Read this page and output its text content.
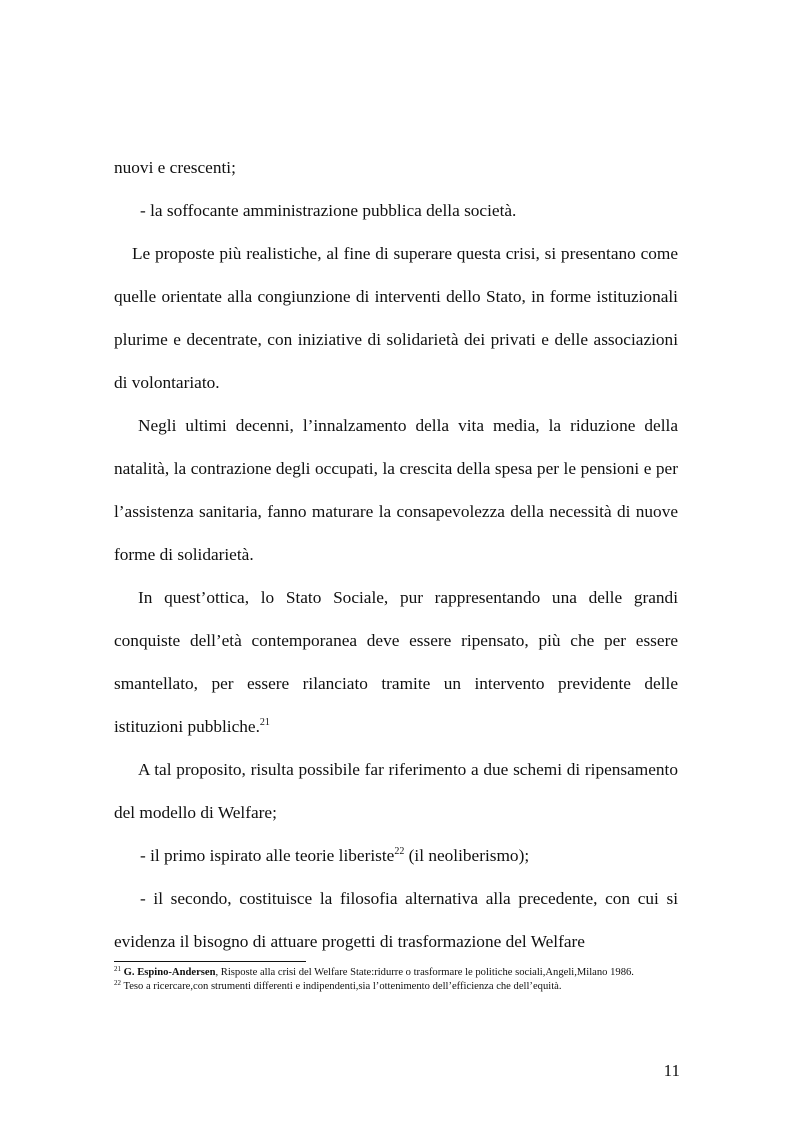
nuovi e crescenti;

- la soffocante amministrazione pubblica della società.

Le proposte più realistiche, al fine di superare questa crisi, si presentano come quelle orientate alla congiunzione di interventi dello Stato, in forme istituzionali plurime e decentrate, con iniziative di solidarietà dei privati e delle associazioni di volontariato.

Negli ultimi decenni, l’innalzamento della vita media, la riduzione della natalità, la contrazione degli occupati, la crescita della spesa per le pensioni e per l’assistenza sanitaria, fanno maturare la consapevolezza della necessità di nuove forme di solidarietà.

In quest’ottica, lo Stato Sociale, pur rappresentando una delle grandi conquiste dell’età contemporanea deve essere ripensato, più che per essere smantellato, per essere rilanciato tramite un intervento previdente delle istituzioni pubbliche.$^{21}$

A tal proposito, risulta possibile far riferimento a due schemi di ripensamento del modello di Welfare;

- il primo ispirato alle teorie liberiste$^{22}$ (il neoliberismo);

- il secondo, costituisce la filosofia alternativa alla precedente, con cui si evidenza il bisogno di attuare progetti di trasformazione del Welfare

$^{21}$ G. Espino-Andersen, Risposte alla crisi del Welfare State:ridurre o trasformare le politiche sociali,Angeli,Milano 1986.

$^{22}$ Teso a ricercare,con strumenti differenti e indipendenti,sia l’ottenimento dell’efficienza che dell’equità.

11
